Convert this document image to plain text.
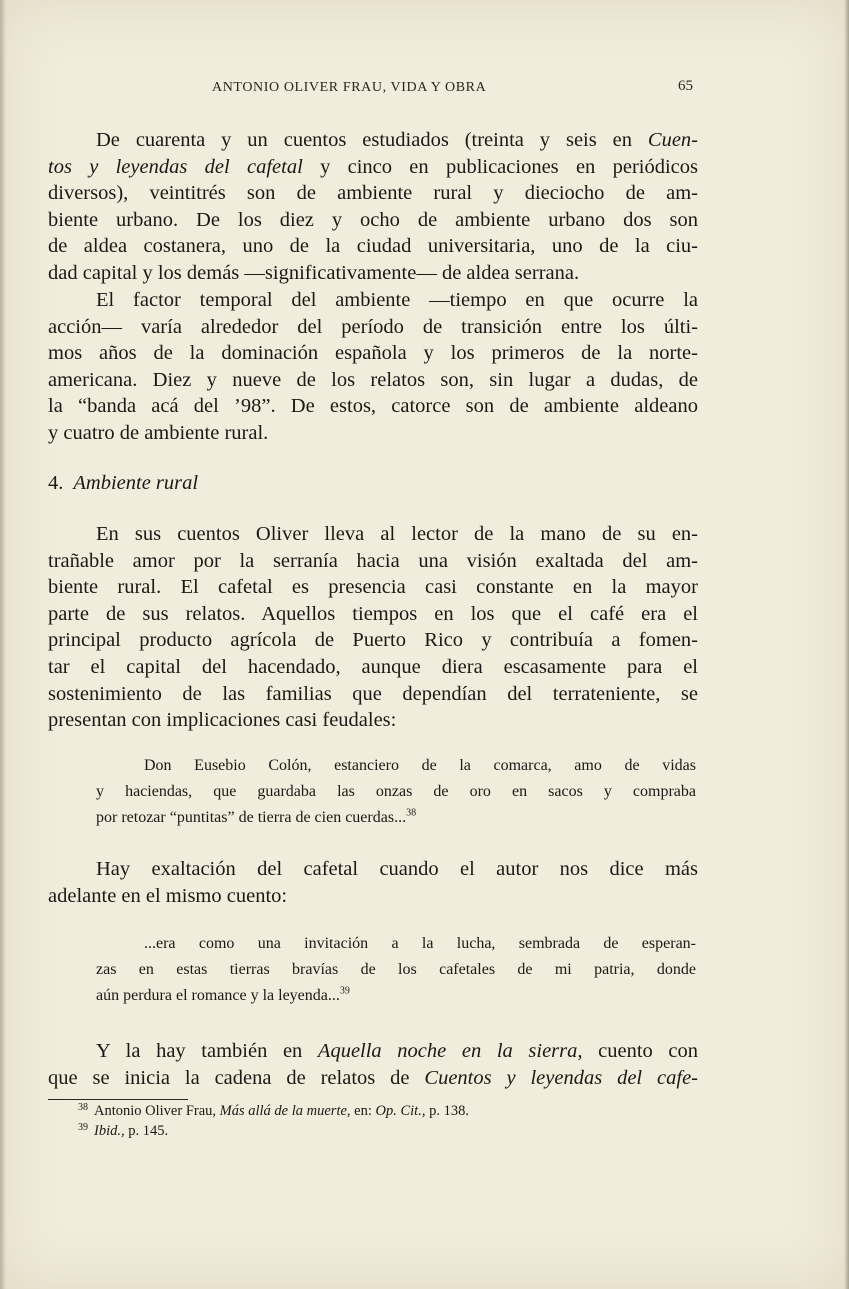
ANTONIO OLIVER FRAU, VIDA Y OBRA	65
De cuarenta y un cuentos estudiados (treinta y seis en Cuen-
tos y leyendas del cafetal y cinco en publicaciones en periódicos
diversos), veintitrés son de ambiente rural y dieciocho de am-
biente urbano. De los diez y ocho de ambiente urbano dos son
de aldea costanera, uno de la ciudad universitaria, uno de la ciu-
dad capital y los demás —significativamente— de aldea serrana.
El factor temporal del ambiente —tiempo en que ocurre la
acción— varía alrededor del período de transición entre los últi-
mos años de la dominación española y los primeros de la norte-
americana. Diez y nueve de los relatos son, sin lugar a dudas, de
la “banda acá del ’98”. De estos, catorce son de ambiente aldeano
y cuatro de ambiente rural.
4. Ambiente rural
En sus cuentos Oliver lleva al lector de la mano de su en-
trañable amor por la serranía hacia una visión exaltada del am-
biente rural. El cafetal es presencia casi constante en la mayor
parte de sus relatos. Aquellos tiempos en los que el café era el
principal producto agrícola de Puerto Rico y contribuía a fomen-
tar el capital del hacendado, aunque diera escasamente para el
sostenimiento de las familias que dependían del terrateniente, se
presentan con implicaciones casi feudales:
Don Eusebio Colón, estanciero de la comarca, amo de vidas
y haciendas, que guardaba las onzas de oro en sacos y compraba
por retozar “puntitas” de tierra de cien cuerdas...$^{38}$
Hay exaltación del cafetal cuando el autor nos dice más
adelante en el mismo cuento:
...era como una invitación a la lucha, sembrada de esperan-
zas en estas tierras bravías de los cafetales de mi patria, donde
aún perdura el romance y la leyenda...$^{39}$
Y la hay también en Aquella noche en la sierra, cuento con
que se inicia la cadena de relatos de Cuentos y leyendas del cafe-
$^{38}$ Antonio Oliver Frau, Más allá de la muerte, en: Op. Cit., p. 138.
$^{39}$ Ibid., p. 145.
